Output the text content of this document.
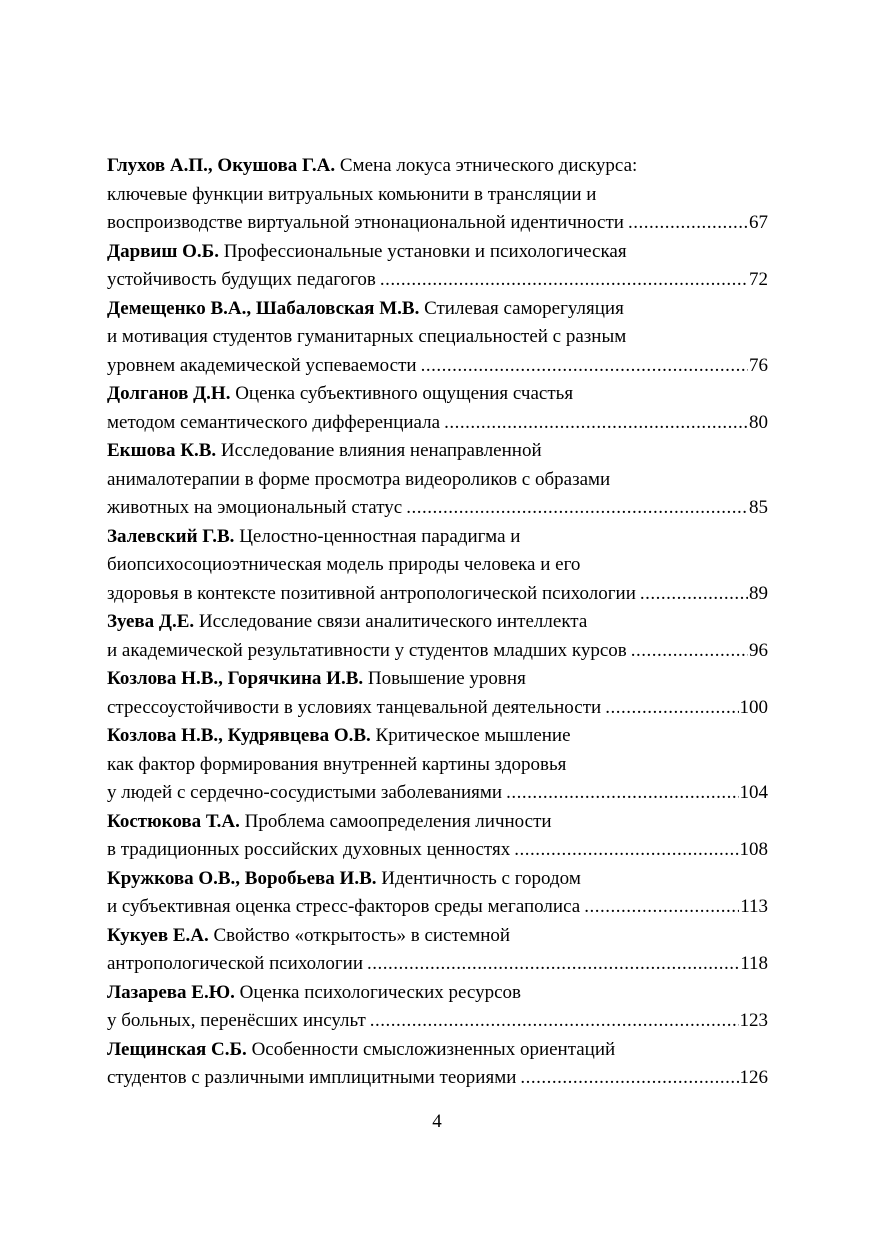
Глухов А.П., Окушова Г.А. Смена локуса этнического дискурса:
ключевые функции витруальных комьюнити в трансляции и
воспроизводстве виртуальной этнонациональной идентичности .....	67
Дарвиш О.Б. Профессиональные установки и психологическая
устойчивость будущих педагогов .....	72
Демещенко В.А., Шабаловская М.В. Стилевая саморегуляция
и мотивация студентов гуманитарных специальностей с разным
уровнем академической успеваемости .....	76
Долганов Д.Н. Оценка субъективного ощущения счастья
методом семантического дифференциала .....	80
Екшова К.В. Исследование влияния ненаправленной
анималотерапии в форме просмотра видеороликов с образами
животных на эмоциональный статус .....	85
Залевский Г.В. Целостно-ценностная парадигма и
биопсихосоциоэтническая модель природы человека и его
здоровья в контексте позитивной антропологической психологии .....	89
Зуева Д.Е. Исследование связи аналитического интеллекта
и академической результативности у студентов младших курсов .....	96
Козлова Н.В., Горячкина И.В. Повышение уровня
стрессоустойчивости в условиях танцевальной деятельности .....	100
Козлова Н.В., Кудрявцева О.В. Критическое мышление
как фактор формирования внутренней картины здоровья
у людей с сердечно-сосудистыми заболеваниями .....	104
Костюкова Т.А. Проблема самоопределения личности
в традиционных российских духовных ценностях .....	108
Кружкова О.В., Воробьева И.В. Идентичность с городом
и субъективная оценка стресс-факторов среды мегаполиса .....	113
Кукуев Е.А. Свойство «открытость» в системной
антропологической психологии .....	118
Лазарева Е.Ю. Оценка психологических ресурсов
у больных, перенёсших инсульт .....	123
Лещинская С.Б. Особенности смысложизненных ориентаций
студентов с различными имплицитными теориями .....	126
4
